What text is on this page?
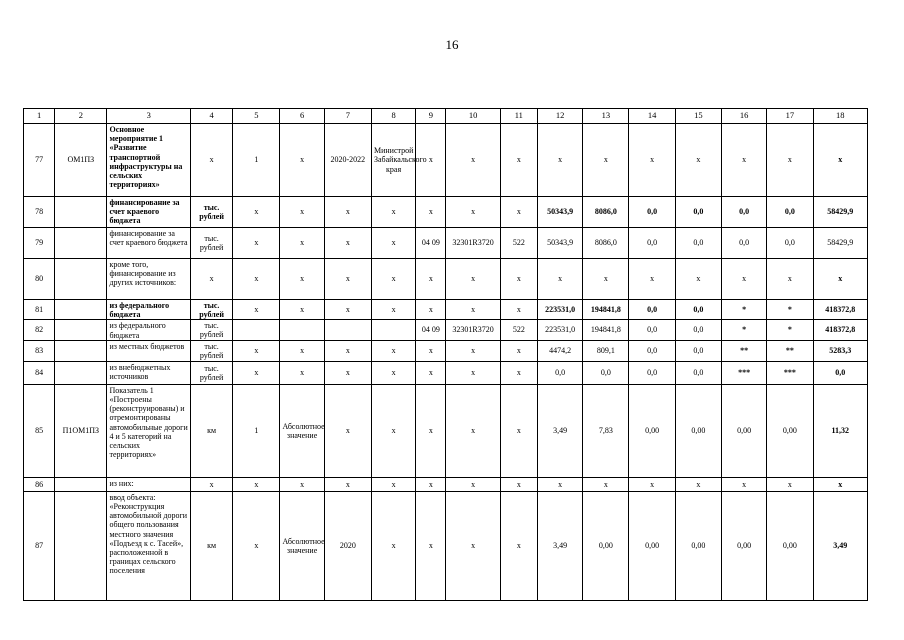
16
1	2	3	4	5	6	7	8	9	10	11	12	13	14	15	16	17	18
77	ОМ1ПЗ	Основное мероприятие 1 «Развитие транспортной инфраструктуры на сельских территориях»	x	1	x	2020-2022	Министрой Забайкальского края	x	x	x	x	x	x	x	x	x	x
78		финансирование за счет краевого бюджета	тыс. рублей	x	x	x	x	x	x	x	50343,9	8086,0	0,0	0,0	0,0	0,0	58429,9
79		финансирование за счет краевого бюджета	тыс. рублей	x	x	x	x	04 09	32301R3720	522	50343,9	8086,0	0,0	0,0	0,0	0,0	58429,9
80		кроме того, финансирование из других источников:	x	x	x	x	x	x	x	x	x	x	x	x	x	x	x
81		из федерального бюджета	тыс. рублей	x	x	x	x	x	x	x	223531,0	194841,8	0,0	0,0	*	*	418372,8
82		из федерального бюджета	тыс. рублей					04 09	32301R3720	522	223531,0	194841,8	0,0	0,0	*	*	418372,8
83		из местных бюджетов	тыс. рублей	x	x	x	x	x	x	x	4474,2	809,1	0,0	0,0	**	**	5283,3
84		из внебюджетных источников	тыс. рублей	x	x	x	x	x	x	x	0,0	0,0	0,0	0,0	***	***	0,0
85	П1ОМ1ПЗ	Показатель 1 «Построены (реконструированы) и отремонтированы автомобильные дороги 4 и 5 категорий на сельских территориях»	км	1	Абсолютное значение	x	x	x	x	x	3,49	7,83	0,00	0,00	0,00	0,00	11,32
86		из них:	x	x	x	x	x	x	x	x	x	x	x	x	x	x	x
87		ввод объекта: «Реконструкция автомобильной дороги общего пользования местного значения «Подъезд к с. Тасей», расположенной в границах сельского поселения	км	x	Абсолютное значение	2020	x	x	x	x	3,49	0,00	0,00	0,00	0,00	0,00	3,49
